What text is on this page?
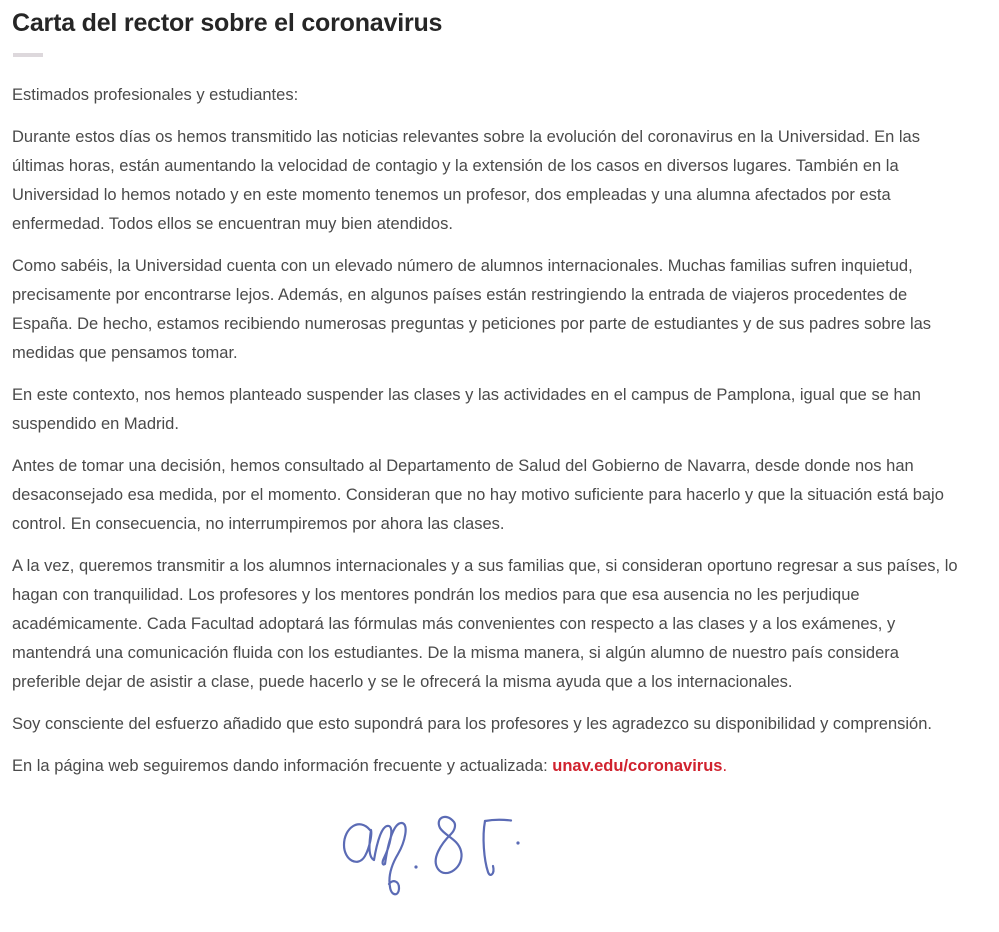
Carta del rector sobre el coronavirus

Estimados profesionales y estudiantes:

Durante estos días os hemos transmitido las noticias relevantes sobre la evolución del coronavirus en la Universidad. En las últimas horas, están aumentando la velocidad de contagio y la extensión de los casos en diversos lugares. También en la Universidad lo hemos notado y en este momento tenemos un profesor, dos empleadas y una alumna afectados por esta enfermedad. Todos ellos se encuentran muy bien atendidos.

Como sabéis, la Universidad cuenta con un elevado número de alumnos internacionales. Muchas familias sufren inquietud, precisamente por encontrarse lejos. Además, en algunos países están restringiendo la entrada de viajeros procedentes de España. De hecho, estamos recibiendo numerosas preguntas y peticiones por parte de estudiantes y de sus padres sobre las medidas que pensamos tomar.

En este contexto, nos hemos planteado suspender las clases y las actividades en el campus de Pamplona, igual que se han suspendido en Madrid.

Antes de tomar una decisión, hemos consultado al Departamento de Salud del Gobierno de Navarra, desde donde nos han desaconsejado esa medida, por el momento. Consideran que no hay motivo suficiente para hacerlo y que la situación está bajo control. En consecuencia, no interrumpiremos por ahora las clases.

A la vez, queremos transmitir a los alumnos internacionales y a sus familias que, si consideran oportuno regresar a sus países, lo hagan con tranquilidad. Los profesores y los mentores pondrán los medios para que esa ausencia no les perjudique académicamente. Cada Facultad adoptará las fórmulas más convenientes con respecto a las clases y a los exámenes, y mantendrá una comunicación fluida con los estudiantes. De la misma manera, si algún alumno de nuestro país considera preferible dejar de asistir a clase, puede hacerlo y se le ofrecerá la misma ayuda que a los internacionales.

Soy consciente del esfuerzo añadido que esto supondrá para los profesores y les agradezco su disponibilidad y comprensión.

En la página web seguiremos dando información frecuente y actualizada: unav.edu/coronavirus.
